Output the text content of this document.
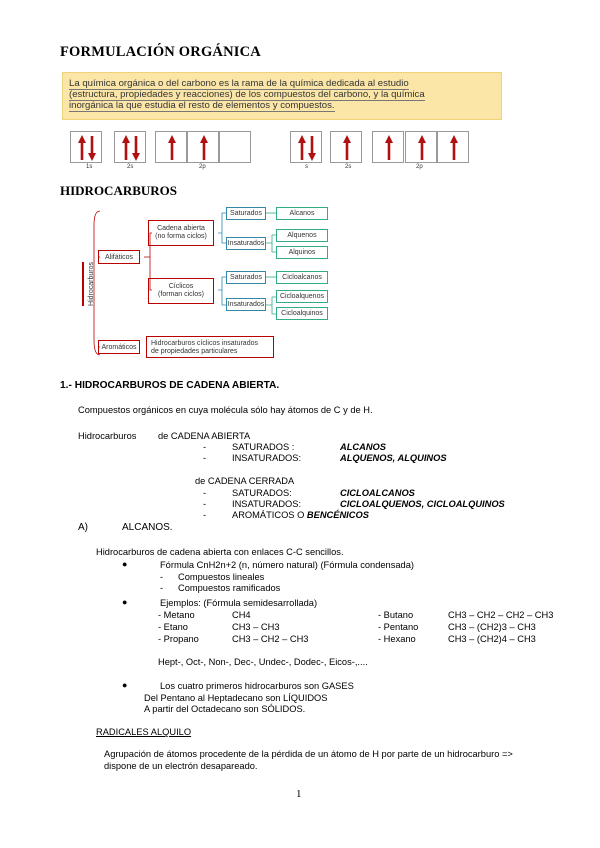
FORMULACIÓN ORGÁNICA
La química orgánica o del carbono es la rama de la química dedicada al estudio
(estructura, propiedades y reacciones) de los compuestos del carbono, y la química
inorgánica la que estudia el resto de elementos y compuestos.
1s	2s	2p	s	2s	2p
HIDROCARBUROS
Hidrocarburos
Alifáticos
Aromáticos
Cadena abierta
(no forma ciclos)
Cíclicos
(forman ciclos)
Saturados
Insaturados
Saturados
Insaturados
Alcanos
Alquenos
Alquinos
Cicloalcanos
Cicloalquenos
Cicloalquinos
Hidrocarburos cíclicos insaturados
de propiedades particulares
1.- HIDROCARBUROS DE CADENA ABIERTA.
Compuestos orgánicos en cuya molécula sólo hay átomos de C y de H.
Hidrocarburos de CADENA ABIERTA
-	SATURADOS :	ALCANOS
-	INSATURADOS:	ALQUENOS, ALQUINOS
de CADENA CERRADA
-	SATURADOS:	CICLOALCANOS
-	INSATURADOS:	CICLOALQUENOS, CICLOALQUINOS
-	AROMÁTICOS O BENCÉNICOS
A)	ALCANOS.
Hidrocarburos de cadena abierta con enlaces C-C sencillos.
●	Fórmula CnH2n+2 (n, número natural) (Fórmula condensada)
- Compuestos lineales
- Compuestos ramificados
●	Ejemplos: (Fórmula semidesarrollada)
- Metano	CH4	- Butano	CH3 – CH2 – CH2 – CH3
- Etano	CH3 – CH3	- Pentano	CH3 – (CH2)3 – CH3
- Propano	CH3 – CH2 – CH3	- Hexano	CH3 – (CH2)4 – CH3
Hept-, Oct-, Non-, Dec-, Undec-, Dodec-, Eicos-,....
●	Los cuatro primeros hidrocarburos son GASES
Del Pentano al Heptadecano son LÍQUIDOS
A partir del Octadecano son SÓLIDOS.
RADICALES ALQUILO
Agrupación de átomos procedente de la pérdida de un átomo de H por parte de un hidrocarburo =>
dispone de un electrón desapareado.
1
